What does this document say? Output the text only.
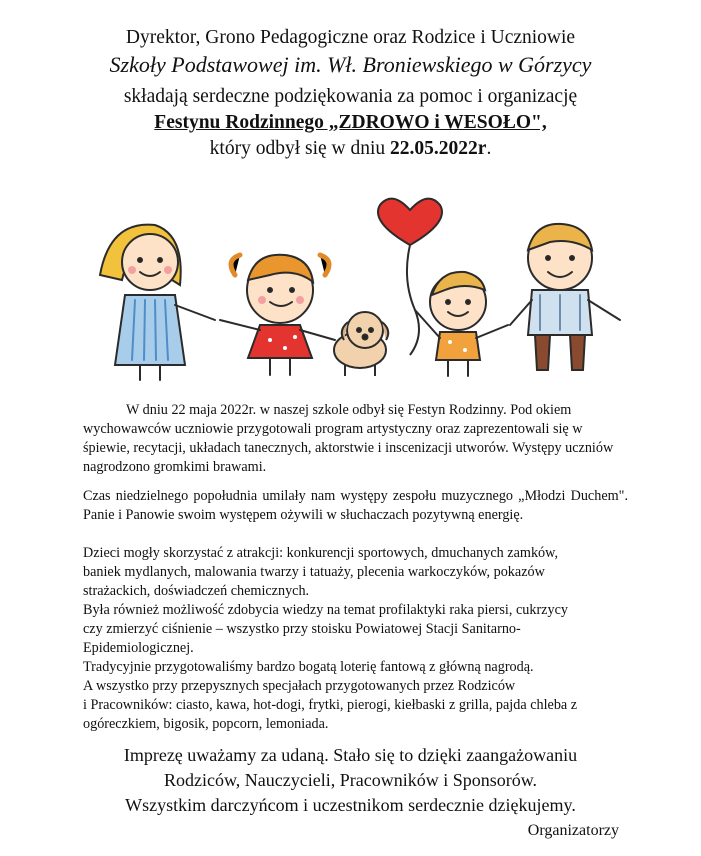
Dyrektor, Grono Pedagogiczne oraz Rodzice i Uczniowie
Szkoły Podstawowej im. Wł. Broniewskiego w Górzycy
składają serdeczne podziękowania za pomoc i organizację
Festynu Rodzinnego „ZDROWO i WESOŁO",
który odbył się w dniu 22.05.2022r.
W dniu 22 maja 2022r. w naszej szkole odbył się Festyn Rodzinny. Pod okiem wychowawców uczniowie przygotowali program artystyczny oraz zaprezentowali się w śpiewie, recytacji, układach tanecznych, aktorstwie i inscenizacji utworów. Występy uczniów nagrodzono gromkimi brawami.
Czas niedzielnego popołudnia umilały nam występy zespołu muzycznego „Młodzi Duchem". Panie i Panowie swoim występem ożywili w słuchaczach pozytywną energię.
Dzieci mogły skorzystać z atrakcji: konkurencji sportowych, dmuchanych zamków,
baniek mydlanych, malowania twarzy i tatuaży, plecenia warkoczyków, pokazów
strażackich, doświadczeń chemicznych.
Była również możliwość zdobycia wiedzy na temat profilaktyki raka piersi, cukrzycy
czy zmierzyć ciśnienie – wszystko przy stoisku Powiatowej Stacji Sanitarno-
Epidemiologicznej.
Tradycyjnie przygotowaliśmy bardzo bogatą loterię fantową z główną nagrodą.
A wszystko przy przepysznych specjałach przygotowanych przez Rodziców
i Pracowników: ciasto, kawa, hot-dogi, frytki, pierogi, kiełbaski z grilla, pajda chleba z
ogóreczkiem, bigosik, popcorn, lemoniada.
Imprezę uważamy za udaną. Stało się to dzięki zaangażowaniu
Rodziców, Nauczycieli, Pracowników i Sponsorów.
Wszystkim darczyńcom i uczestnikom serdecznie dziękujemy.
Organizatorzy
